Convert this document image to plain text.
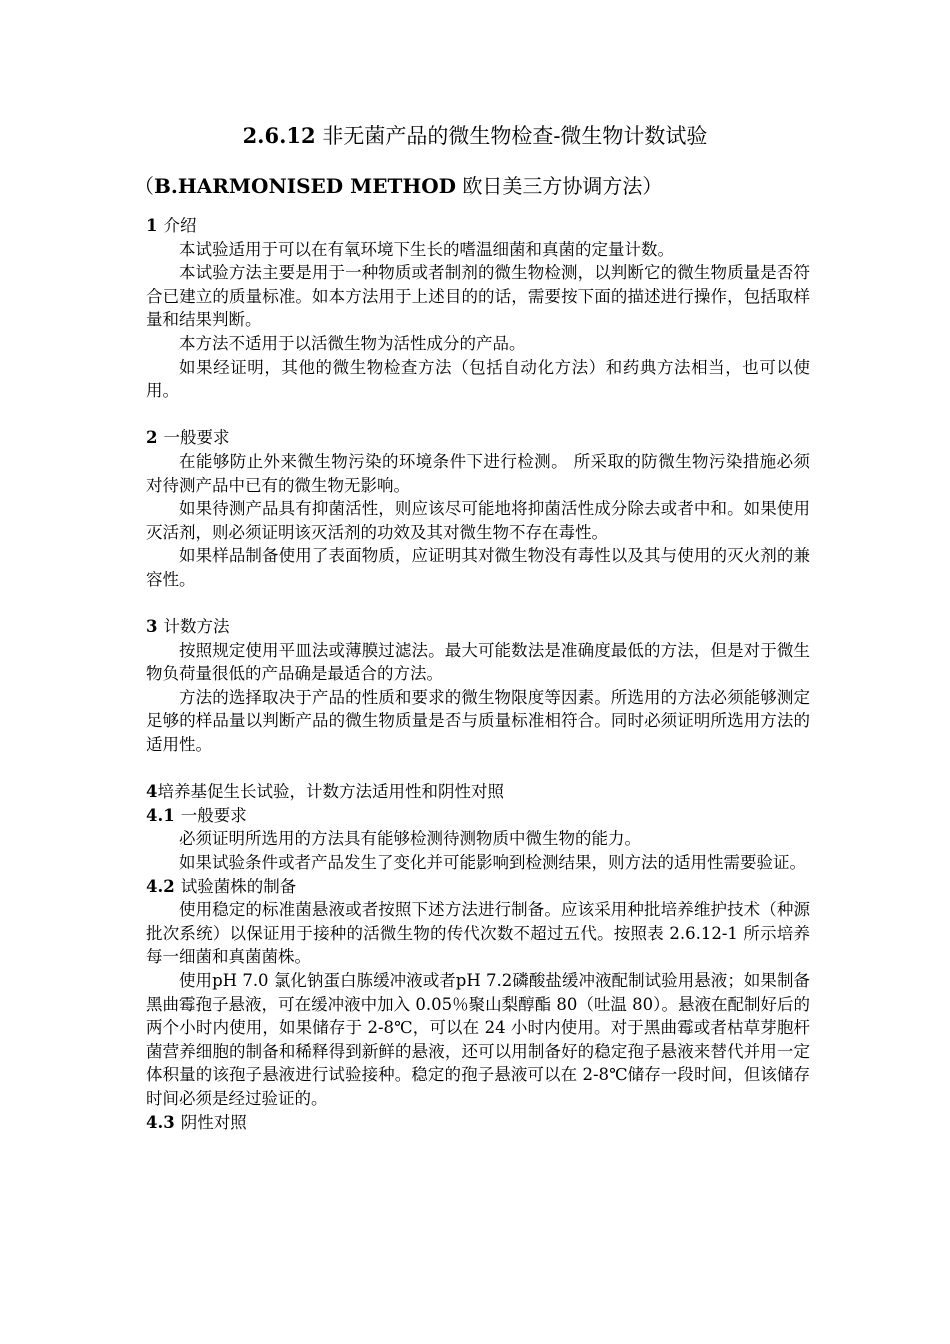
2.6.12 非无菌产品的微生物检查-微生物计数试验
（B.HARMONISED METHOD 欧日美三方协调方法）
1 介绍

本试验适用于可以在有氧环境下生长的嗜温细菌和真菌的定量计数。

本试验方法主要是用于一种物质或者制剂的微生物检测，以判断它的微生物质量是否符合已建立的质量标准。如本方法用于上述目的的话，需要按下面的描述进行操作，包括取样量和结果判断。

本方法不适用于以活微生物为活性成分的产品。

如果经证明，其他的微生物检查方法（包括自动化方法）和药典方法相当，也可以使用。

2 一般要求

在能够防止外来微生物污染的环境条件下进行检测。 所采取的防微生物污染措施必须对待测产品中已有的微生物无影响。

如果待测产品具有抑菌活性，则应该尽可能地将抑菌活性成分除去或者中和。如果使用灭活剂，则必须证明该灭活剂的功效及其对微生物不存在毒性。

如果样品制备使用了表面物质，应证明其对微生物没有毒性以及其与使用的灭火剂的兼容性。

3 计数方法

按照规定使用平皿法或薄膜过滤法。最大可能数法是准确度最低的方法，但是对于微生物负荷量很低的产品确是最适合的方法。

方法的选择取决于产品的性质和要求的微生物限度等因素。所选用的方法必须能够测定足够的样品量以判断产品的微生物质量是否与质量标准相符合。同时必须证明所选用方法的适用性。

4培养基促生长试验，计数方法适用性和阴性对照
4.1 一般要求

必须证明所选用的方法具有能够检测待测物质中微生物的能力。

如果试验条件或者产品发生了变化并可能影响到检测结果，则方法的适用性需要验证。

4.2 试验菌株的制备

使用稳定的标准菌悬液或者按照下述方法进行制备。应该采用种批培养维护技术（种源批次系统）以保证用于接种的活微生物的传代次数不超过五代。按照表 2.6.12-1 所示培养每一细菌和真菌菌株。

使用pH 7.0 氯化钠蛋白胨缓冲液或者pH 7.2磷酸盐缓冲液配制试验用悬液；如果制备黑曲霉孢子悬液，可在缓冲液中加入 0.05％聚山梨醇酯 80（吐温 80）。悬液在配制好后的两个小时内使用，如果储存于 2-8℃，可以在 24 小时内使用。对于黑曲霉或者枯草芽胞杆菌营养细胞的制备和稀释得到新鲜的悬液，还可以用制备好的稳定孢子悬液来替代并用一定体积量的该孢子悬液进行试验接种。稳定的孢子悬液可以在 2-8℃储存一段时间，但该储存时间必须是经过验证的。

4.3 阴性对照
